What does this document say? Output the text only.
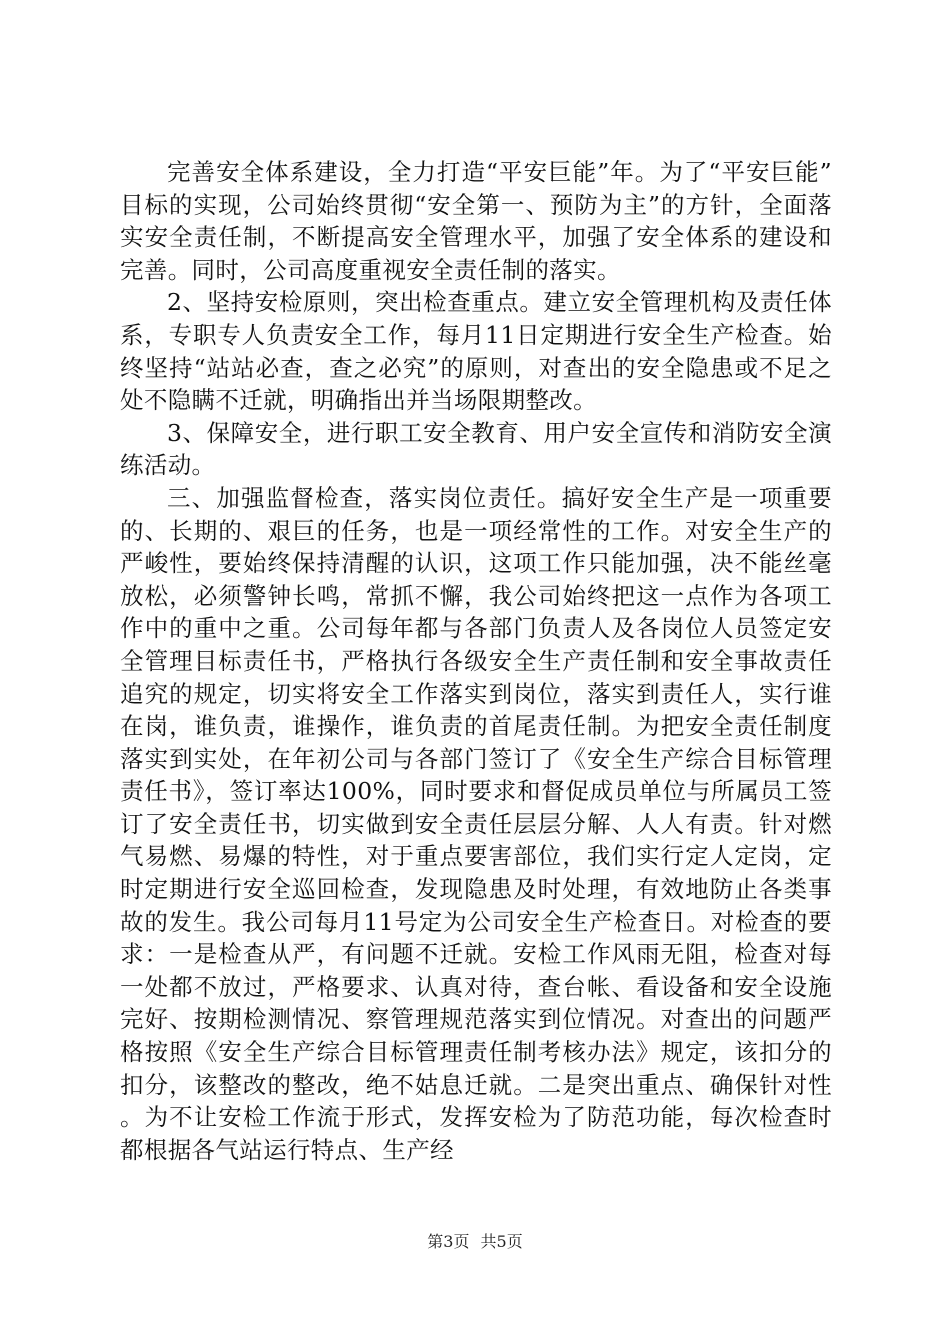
完善安全体系建设，全力打造“平安巨能”年。为了“平安巨能”目标的实现，公司始终贯彻“安全第一、预防为主”的方针，全面落实安全责任制，不断提高安全管理水平，加强了安全体系的建设和完善。同时，公司高度重视安全责任制的落实。

2、坚持安检原则，突出检查重点。建立安全管理机构及责任体系，专职专人负责安全工作，每月11日定期进行安全生产检查。始终坚持“站站必查，查之必究”的原则，对查出的安全隐患或不足之处不隐瞒不迁就，明确指出并当场限期整改。

3、保障安全，进行职工安全教育、用户安全宣传和消防安全演练活动。

三、加强监督检查，落实岗位责任。搞好安全生产是一项重要的、长期的、艰巨的任务，也是一项经常性的工作。对安全生产的严峻性，要始终保持清醒的认识，这项工作只能加强，决不能丝毫放松，必须警钟长鸣，常抓不懈，我公司始终把这一点作为各项工作中的重中之重。公司每年都与各部门负责人及各岗位人员签定安全管理目标责任书，严格执行各级安全生产责任制和安全事故责任追究的规定，切实将安全工作落实到岗位，落实到责任人，实行谁在岗，谁负责，谁操作，谁负责的首尾责任制。为把安全责任制度落实到实处，在年初公司与各部门签订了《安全生产综合目标管理责任书》，签订率达100%，同时要求和督促成员单位与所属员工签订了安全责任书，切实做到安全责任层层分解、人人有责。针对燃气易燃、易爆的特性，对于重点要害部位，我们实行定人定岗，定时定期进行安全巡回检查，发现隐患及时处理，有效地防止各类事故的发生。我公司每月11号定为公司安全生产检查日。对检查的要求：一是检查从严，有问题不迁就。安检工作风雨无阻，检查对每一处都不放过，严格要求、认真对待，查台帐、看设备和安全设施完好、按期检测情况、察管理规范落实到位情况。对查出的问题严格按照《安全生产综合目标管理责任制考核办法》规定，该扣分的扣分，该整改的整改，绝不姑息迁就。二是突出重点、确保针对性。为不让安检工作流于形式，发挥安检为了防范功能，每次检查时都根据各气站运行特点、生产经

第3页 共5页
